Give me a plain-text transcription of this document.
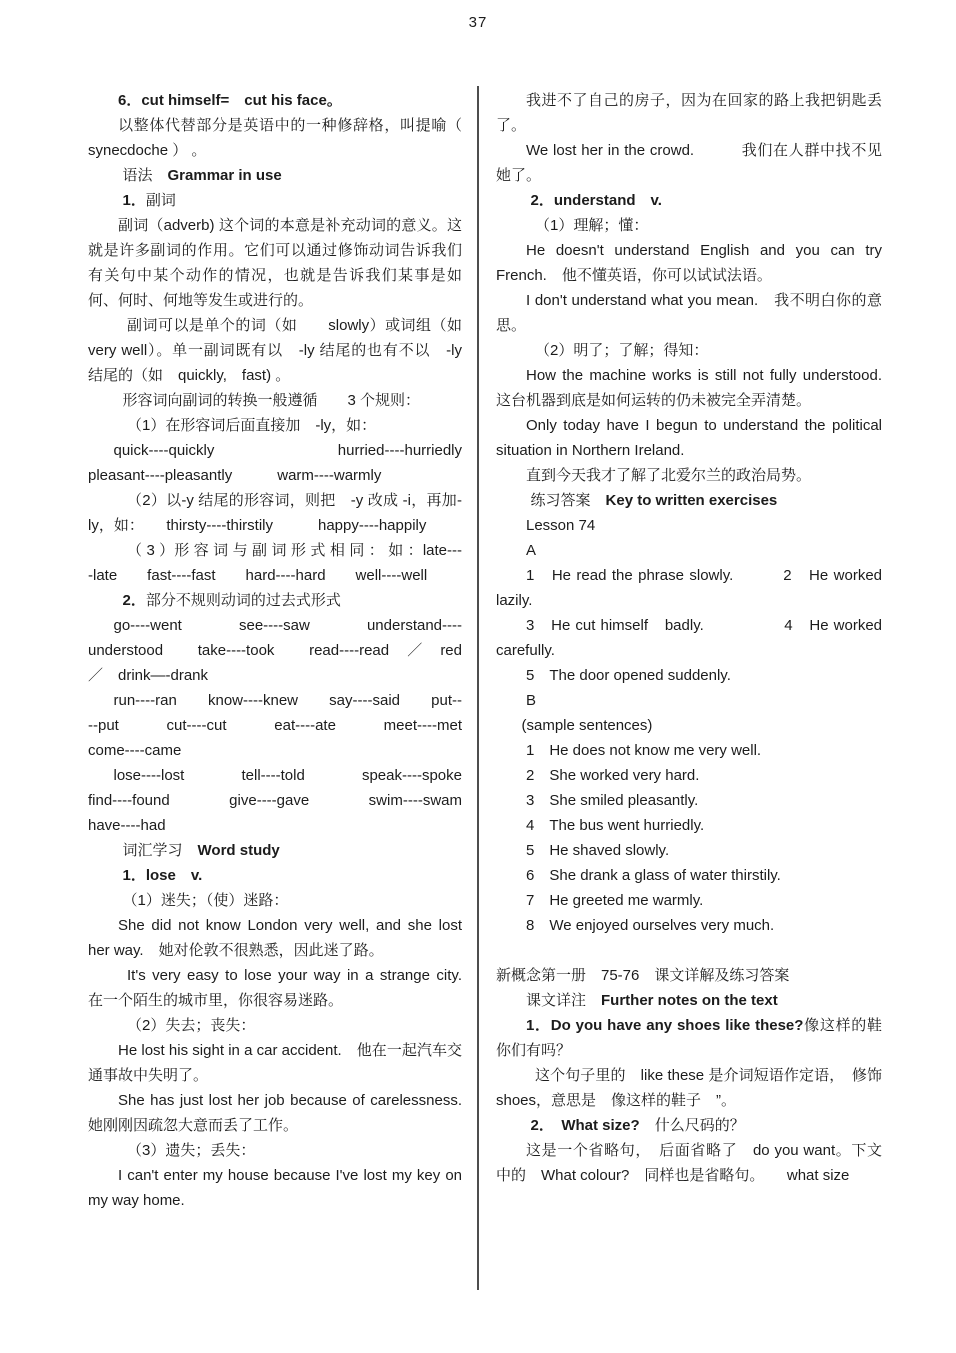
37

6．cut himself=　cut his face。

以整体代替部分是英语中的一种修辞格，叫提喻（ synecdoche ） 。

语法　Grammar in use

1．副词

副词（adverb) 这个词的本意是补充动词的意义。这就是许多副词的作用。它们可以通过修饰动词告诉我们有关句中某个动作的情况，也就是告诉我们某事是如何、何时、何地等发生或进行的。

副词可以是单个的词（如　　slowly）或词组（如 very well）。单一副词既有以　-ly 结尾的也有不以　-ly 结尾的（如　quickly,　fast) 。

形容词向副词的转换一般遵循　　3 个规则：

（1）在形容词后面直接加　-ly，如：

quick----quickly　　　hurried----hurriedly　　　pleasant----pleasantly　　　warm----warmly

（2）以-y 结尾的形容词，则把　-y 改成 -i，再加-ly，如：　　thirsty----thirstily　　　happy----happily

（ 3 ）形 容 词 与 副 词 形 式 相 同 ： 如 ：late----late　　fast----fast　　hard----hard　　well----well

2．部分不规则动词的过去式形式

go----went　　see----saw　　understand----understood　　take----took　　read----read　／　red　／　drink—-drank

run----ran　　know----knew　　say----said　　put----put　　cut----cut　　eat----ate　　meet----met　　come----came

lose----lost　　tell----told　　speak----spoke　　find----found　　give----gave　　swim----swam　　have----had

词汇学习　Word study

1．lose　v.

（1）迷失；（使）迷路：

She did not know London very well, and she lost her way.　她对伦敦不很熟悉，因此迷了路。

It's very easy to lose your way in a strange city.　在一个陌生的城市里，你很容易迷路。

（2）失去；丧失：

He lost his sight in a car accident.　他在一起汽车交通事故中失明了。

She has just lost her job because of carelessness. 她刚刚因疏忽大意而丢了工作。

（3）遗失；丢失：

I can't enter my house because I've lost my key on my way home.

我进不了自己的房子，因为在回家的路上我把钥匙丢了。

We lost her in the crowd.　　　我们在人群中找不见她了。

2．understand　v.

（1）理解；懂：

He doesn't understand English and you can try French.　他不懂英语，你可以试试法语。

I don't understand what you mean.　我不明白你的意思。

（2）明了；了解；得知：

How the machine works is still not fully understood.　这台机器到底是如何运转的仍未被完全弄清楚。

Only today have I begun to understand the political situation in Northern Ireland.

直到今天我才了解了北爱尔兰的政治局势。

练习答案　Key to written exercises

Lesson 74

A

1　He read the phrase slowly.　　　2　He worked lazily.

3　He cut himself　badly.　　　　　4　He worked carefully.

5　The door opened suddenly.

B

(sample sentences)

1　He does not know me very well.

2　She worked very hard.

3　She smiled pleasantly.

4　The bus went hurriedly.

5　He shaved slowly.

6　She drank a glass of water thirstily.

7　He greeted me warmly.

8　We enjoyed ourselves very much.

新概念第一册　75-76　课文详解及练习答案

课文详注　Further notes on the text

1．Do you have any shoes like these?像这样的鞋你们有吗？

这个句子里的　like these 是介词短语作定语，　修饰　shoes，意思是　像这样的鞋子　”。

2．　What size?　什么尺码的？

这是一个省略句，　后面省略了　do you want。下文中的　What colour?　同样也是省略句。　　what size
